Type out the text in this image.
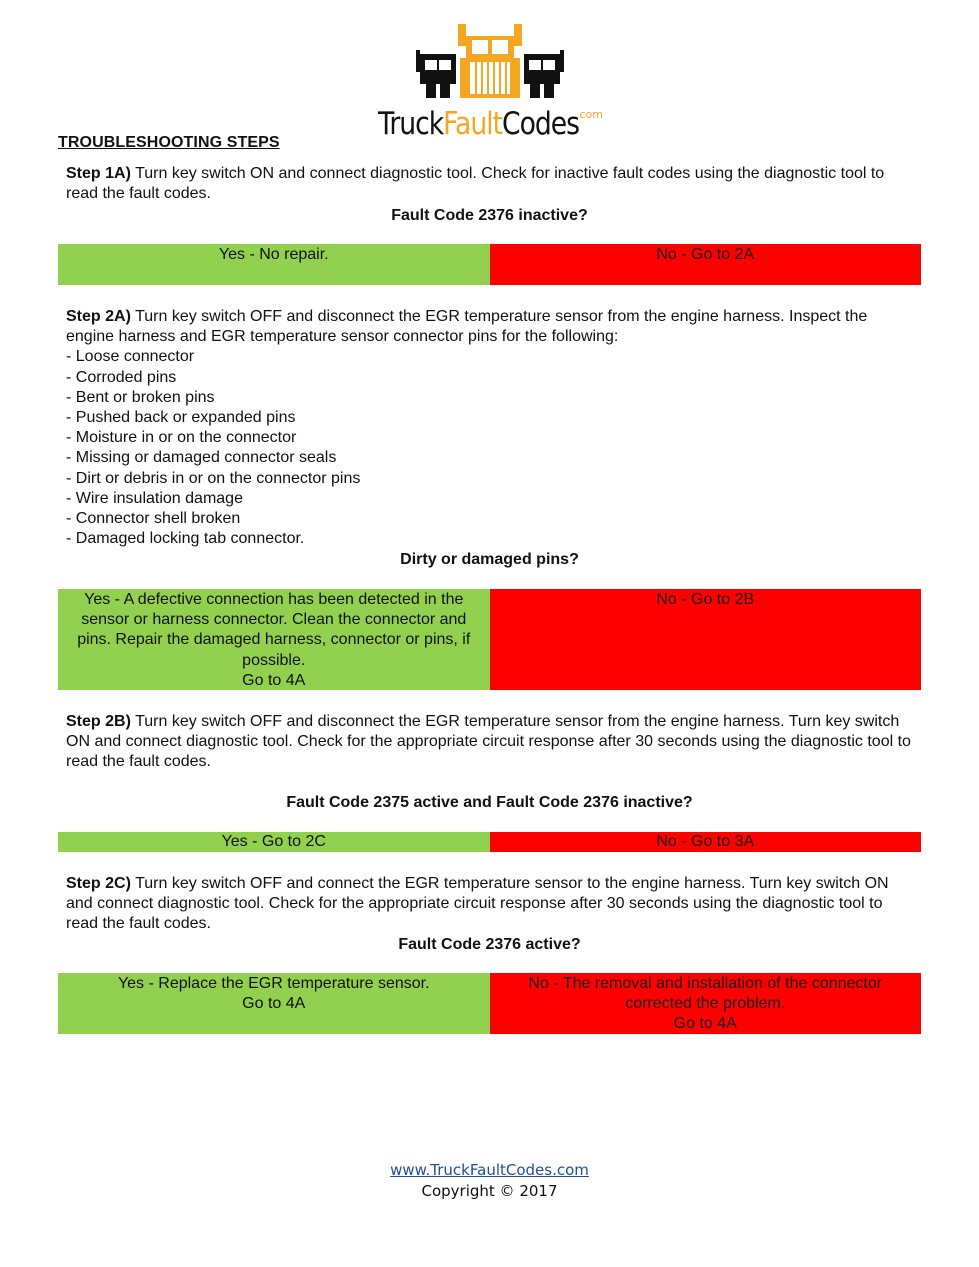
TruckFaultCodes
.com
TROUBLESHOOTING STEPS
Step 1A) Turn key switch ON and connect diagnostic tool. Check for inactive fault codes using the diagnostic tool to read the fault codes.
Fault Code 2376 inactive?
Yes - No repair.	No - Go to 2A
Step 2A) Turn key switch OFF and disconnect the EGR temperature sensor from the engine harness. Inspect the engine harness and EGR temperature sensor connector pins for the following:
- Loose connector
- Corroded pins
- Bent or broken pins
- Pushed back or expanded pins
- Moisture in or on the connector
- Missing or damaged connector seals
- Dirt or debris in or on the connector pins
- Wire insulation damage
- Connector shell broken
- Damaged locking tab connector.
Dirty or damaged pins?
Yes - A defective connection has been detected in the sensor or harness connector. Clean the connector and pins. Repair the damaged harness, connector or pins, if possible.
Go to 4A
No - Go to 2B
Step 2B) Turn key switch OFF and disconnect the EGR temperature sensor from the engine harness. Turn key switch ON and connect diagnostic tool. Check for the appropriate circuit response after 30 seconds using the diagnostic tool to read the fault codes.
Fault Code 2375 active and Fault Code 2376 inactive?
Yes - Go to 2C	No - Go to 3A
Step 2C) Turn key switch OFF and connect the EGR temperature sensor to the engine harness. Turn key switch ON and connect diagnostic tool. Check for the appropriate circuit response after 30 seconds using the diagnostic tool to read the fault codes.
Fault Code 2376 active?
Yes - Replace the EGR temperature sensor.
Go to 4A
No - The removal and installation of the connector corrected the problem.
Go to 4A
www.TruckFaultCodes.com
Copyright © 2017
